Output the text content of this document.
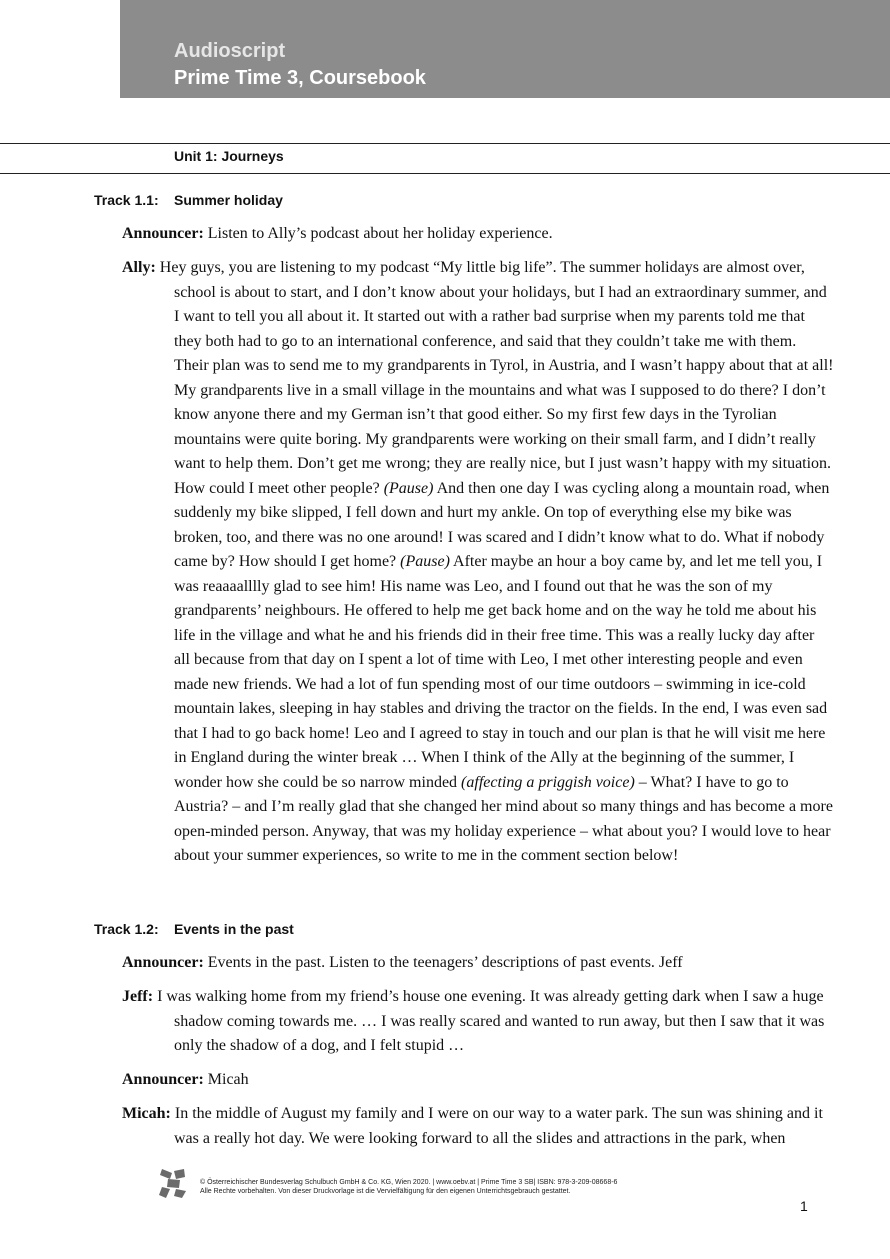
Audioscript
Prime Time 3, Coursebook
Unit 1: Journeys
Track 1.1: Summer holiday
Announcer: Listen to Ally’s podcast about her holiday experience.
Ally: Hey guys, you are listening to my podcast “My little big life”. The summer holidays are almost over, school is about to start, and I don’t know about your holidays, but I had an extraordinary summer, and I want to tell you all about it. It started out with a rather bad surprise when my parents told me that they both had to go to an international conference, and said that they couldn’t take me with them. Their plan was to send me to my grandparents in Tyrol, in Austria, and I wasn’t happy about that at all! My grandparents live in a small village in the mountains and what was I supposed to do there? I don’t know anyone there and my German isn’t that good either. So my first few days in the Tyrolian mountains were quite boring. My grandparents were working on their small farm, and I didn’t really want to help them. Don’t get me wrong; they are really nice, but I just wasn’t happy with my situation. How could I meet other people? (Pause) And then one day I was cycling along a mountain road, when suddenly my bike slipped, I fell down and hurt my ankle. On top of everything else my bike was broken, too, and there was no one around! I was scared and I didn’t know what to do. What if nobody came by? How should I get home? (Pause) After maybe an hour a boy came by, and let me tell you, I was reaaaalllly glad to see him! His name was Leo, and I found out that he was the son of my grandparents’ neighbours. He offered to help me get back home and on the way he told me about his life in the village and what he and his friends did in their free time. This was a really lucky day after all because from that day on I spent a lot of time with Leo, I met other interesting people and even made new friends. We had a lot of fun spending most of our time outdoors – swimming in ice-cold mountain lakes, sleeping in hay stables and driving the tractor on the fields. In the end, I was even sad that I had to go back home! Leo and I agreed to stay in touch and our plan is that he will visit me here in England during the winter break … When I think of the Ally at the beginning of the summer, I wonder how she could be so narrow minded (affecting a priggish voice) – What? I have to go to Austria? – and I’m really glad that she changed her mind about so many things and has become a more open-minded person. Anyway, that was my holiday experience – what about you? I would love to hear about your summer experiences, so write to me in the comment section below!
Track 1.2: Events in the past
Announcer: Events in the past. Listen to the teenagers’ descriptions of past events. Jeff
Jeff: I was walking home from my friend’s house one evening. It was already getting dark when I saw a huge shadow coming towards me. … I was really scared and wanted to run away, but then I saw that it was only the shadow of a dog, and I felt stupid …
Announcer: Micah
Micah: In the middle of August my family and I were on our way to a water park. The sun was shining and it was a really hot day. We were looking forward to all the slides and attractions in the park, when
© Österreichischer Bundesverlag Schulbuch GmbH & Co. KG, Wien 2020. | www.oebv.at | Prime Time 3 SB| ISBN: 978-3-209-08668-6
Alle Rechte vorbehalten. Von dieser Druckvorlage ist die Vervielfältigung für den eigenen Unterrichtsgebrauch gestattet.
1
